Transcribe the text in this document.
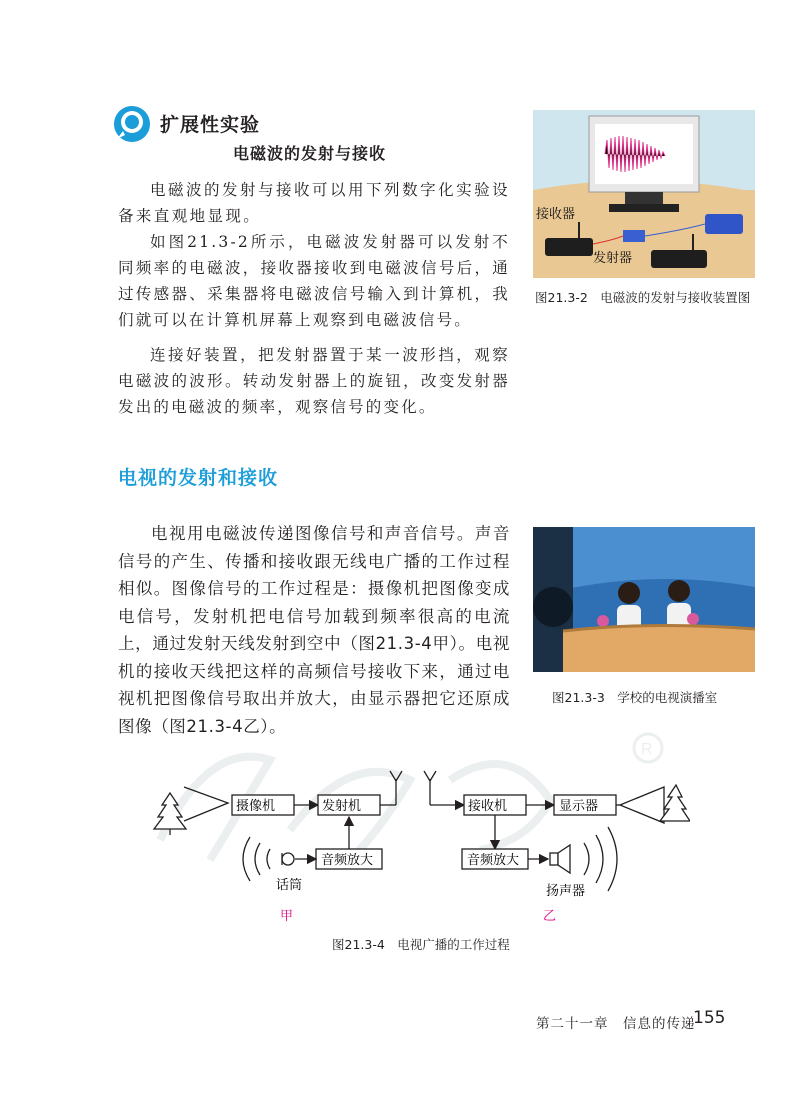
扩展性实验
电磁波的发射与接收
电磁波的发射与接收可以用下列数字化实验设备来直观地显现。
如图21.3-2所示，电磁波发射器可以发射不同频率的电磁波，接收器接收到电磁波信号后，通过传感器、采集器将电磁波信号输入到计算机，我们就可以在计算机屏幕上观察到电磁波信号。
连接好装置，把发射器置于某一波形挡，观察电磁波的波形。转动发射器上的旋钮，改变发射器发出的电磁波的频率，观察信号的变化。
接收器
发射器
图21.3-2　电磁波的发射与接收装置图
电视的发射和接收
电视用电磁波传递图像信号和声音信号。声音信号的产生、传播和接收跟无线电广播的工作过程相似。图像信号的工作过程是：摄像机把图像变成电信号，发射机把电信号加载到频率很高的电流上，通过发射天线发射到空中（图21.3-4甲）。电视机的接收天线把这样的高频信号接收下来，通过电视机把图像信号取出并放大，由显示器把它还原成图像（图21.3-4乙）。
图21.3-3　学校的电视演播室
R
摄像机	发射机
音频放大
话筒
接收机	显示器
音频放大
扬声器
甲	乙
图21.3-4　电视广播的工作过程
第二十一章　信息的传递
155
